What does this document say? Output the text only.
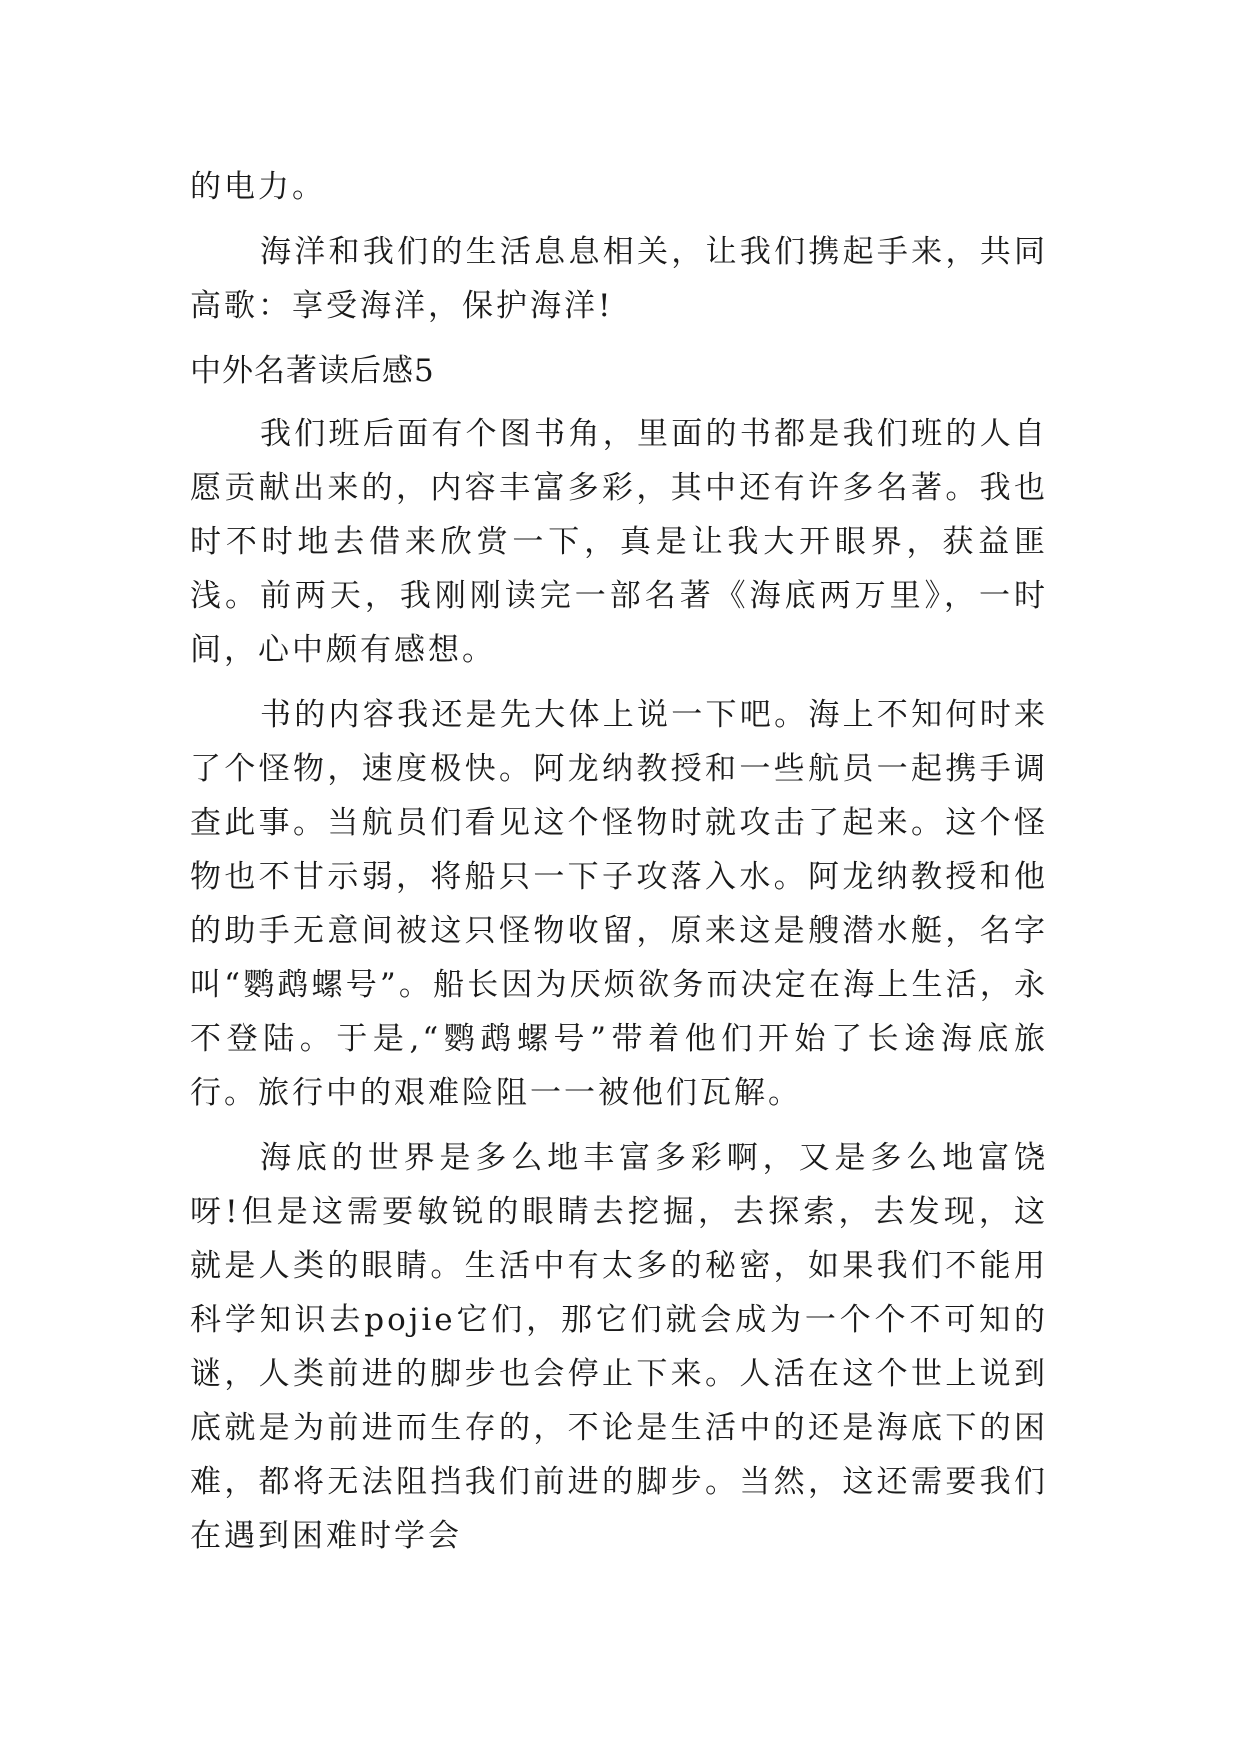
的电力。

海洋和我们的生活息息相关，让我们携起手来，共同高歌：享受海洋，保护海洋!

中外名著读后感5

我们班后面有个图书角，里面的书都是我们班的人自愿贡献出来的，内容丰富多彩，其中还有许多名著。我也时不时地去借来欣赏一下，真是让我大开眼界，获益匪浅。前两天，我刚刚读完一部名著《海底两万里》，一时间，心中颇有感想。

书的内容我还是先大体上说一下吧。海上不知何时来了个怪物，速度极快。阿龙纳教授和一些航员一起携手调查此事。当航员们看见这个怪物时就攻击了起来。这个怪物也不甘示弱，将船只一下子攻落入水。阿龙纳教授和他的助手无意间被这只怪物收留，原来这是艘潜水艇，名字叫“鹦鹉螺号”。船长因为厌烦欲务而决定在海上生活，永不登陆。于是,“鹦鹉螺号”带着他们开始了长途海底旅行。旅行中的艰难险阻一一被他们瓦解。

海底的世界是多么地丰富多彩啊，又是多么地富饶呀!但是这需要敏锐的眼睛去挖掘，去探索，去发现，这就是人类的眼睛。生活中有太多的秘密，如果我们不能用科学知识去pojie它们，那它们就会成为一个个不可知的谜，人类前进的脚步也会停止下来。人活在这个世上说到底就是为前进而生存的，不论是生活中的还是海底下的困难，都将无法阻挡我们前进的脚步。当然，这还需要我们在遇到困难时学会
